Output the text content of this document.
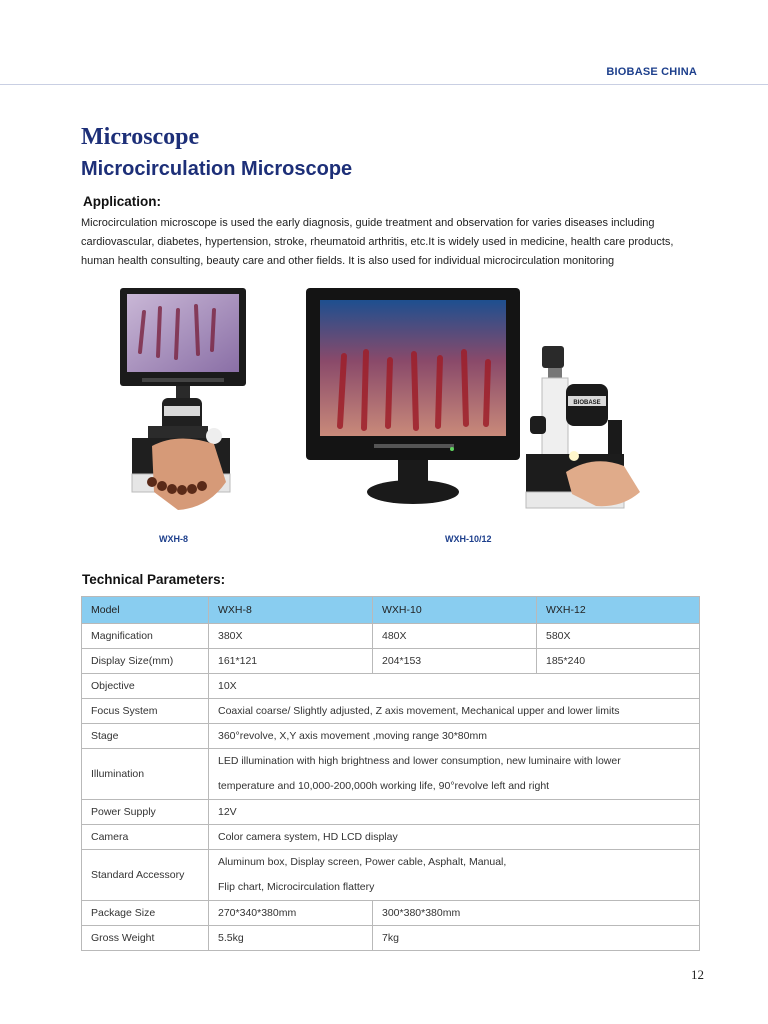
BIOBASE CHINA
Microscope
Microcirculation Microscope
Application:
Microcirculation microscope is used the early diagnosis, guide treatment and observation for varies diseases including
cardiovascular, diabetes, hypertension, stroke, rheumatoid arthritis, etc.It is widely used in medicine, health care products,
human health consulting, beauty care and other fields. It is also used for individual microcirculation monitoring
BIOBASE
WXH-8	WXH-10/12
Technical Parameters:
Model	WXH-8	WXH-10	WXH-12
Magnification	380X	480X	580X
Display Size(mm)	161*121	204*153	185*240
Objective	10X		
Focus System	Coaxial coarse/ Slightly adjusted, Z axis movement, Mechanical upper and lower limits		
Stage	360°revolve, X,Y axis movement ,moving range 30*80mm		
Illumination	LED illumination with high brightness and lower consumption, new luminaire with lower
temperature and 10,000-200,000h working life, 90°revolve left and right		

Power Supply	12V		
Camera	Color camera system, HD LCD display		
Standard Accessory	Aluminum box, Display screen, Power cable, Asphalt, Manual,
Flip chart, Microcirculation flattery		

Package Size	270*340*380mm	300*380*380mm	
Gross Weight	5.5kg	7kg	
12
